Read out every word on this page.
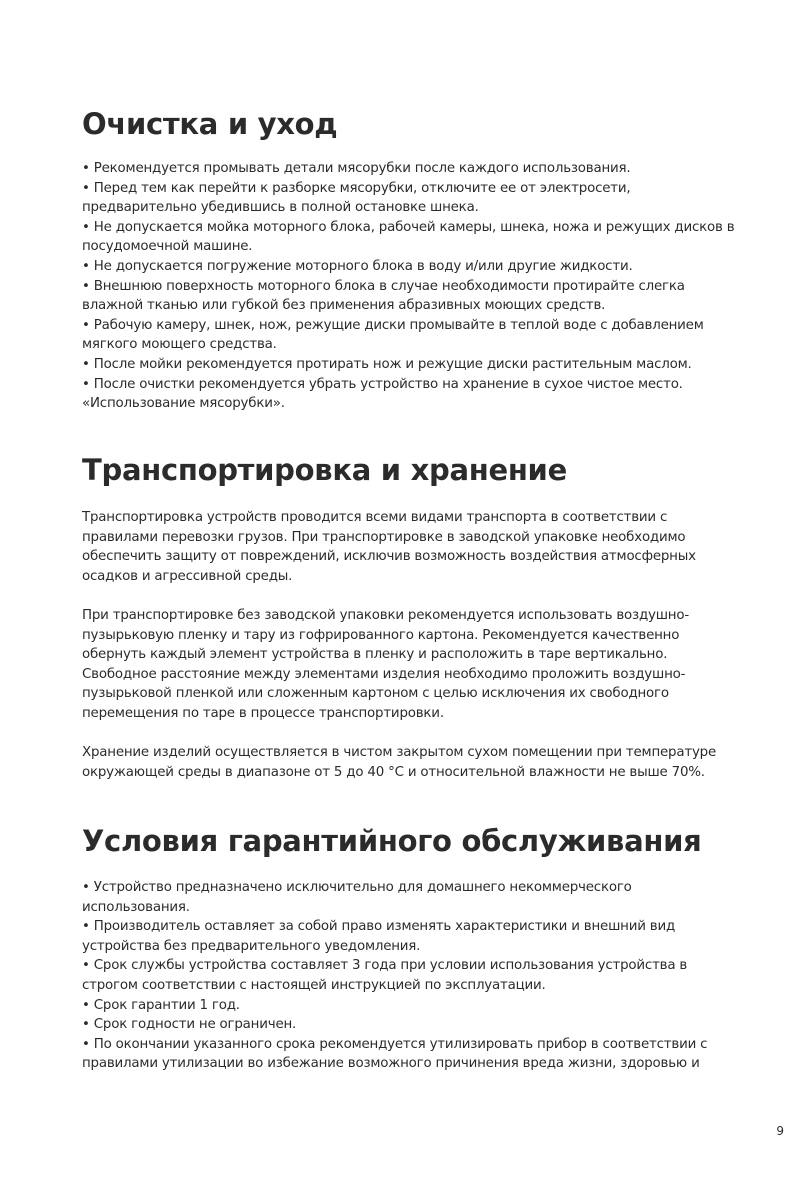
Очистка и уход
• Рекомендуется промывать детали мясорубки после каждого использования.
• Перед тем как перейти к разборке мясорубки, отключите ее от электросети,
предварительно убедившись в полной остановке шнека.
• Не допускается мойка моторного блока, рабочей камеры, шнека, ножа и режущих дисков в
посудомоечной машине.
• Не допускается погружение моторного блока в воду и/или другие жидкости.
• Внешнюю поверхность моторного блока в случае необходимости протирайте слегка
влажной тканью или губкой без применения абразивных моющих средств.
• Рабочую камеру, шнек, нож, режущие диски промывайте в теплой воде с добавлением
мягкого моющего средства.
• После мойки рекомендуется протирать нож и режущие диски растительным маслом.
• После очистки рекомендуется убрать устройство на хранение в сухое чистое место.
«Использование мясорубки».
Транспортировка и хранение
Транспортировка устройств проводится всеми видами транспорта в соответствии с
правилами перевозки грузов. При транспортировке в заводской упаковке необходимо
обеспечить защиту от повреждений, исключив возможность воздействия атмосферных
осадков и агрессивной среды.
При транспортировке без заводской упаковки рекомендуется использовать воздушно-
пузырьковую пленку и тару из гофрированного картона. Рекомендуется качественно
обернуть каждый элемент устройства в пленку и расположить в таре вертикально.
Свободное расстояние между элементами изделия необходимо проложить воздушно-
пузырьковой пленкой или сложенным картоном с целью исключения их свободного
перемещения по таре в процессе транспортировки.
Хранение изделий осуществляется в чистом закрытом сухом помещении при температуре
окружающей среды в диапазоне от 5 до 40 °С и относительной влажности не выше 70%.
Условия гарантийного обслуживания
• Устройство предназначено исключительно для домашнего некоммерческого
использования.
• Производитель оставляет за собой право изменять характеристики и внешний вид
устройства без предварительного уведомления.
• Срок службы устройства составляет 3 года при условии использования устройства в
строгом соответствии с настоящей инструкцией по эксплуатации.
• Срок гарантии 1 год.
• Срок годности не ограничен.
• По окончании указанного срока рекомендуется утилизировать прибор в соответствии с
правилами утилизации во избежание возможного причинения вреда жизни, здоровью и
9
